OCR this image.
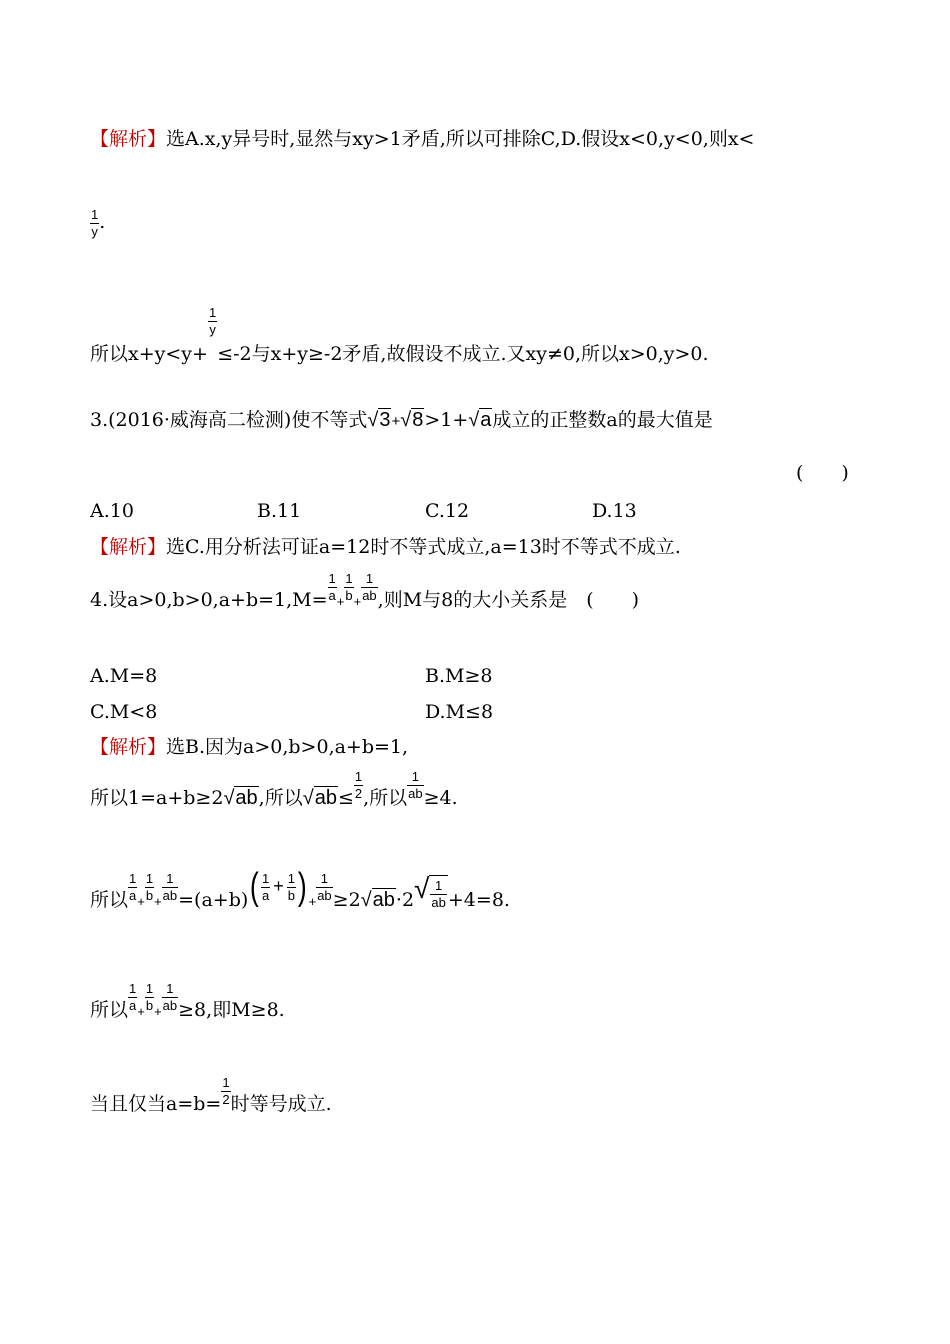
【解析】选A.x,y异号时,显然与xy>1矛盾,所以可排除C,D.假设x<0,y<0,则x<
$\frac{1}{y}$ .
所以x+y<y+
$\frac{1}{y}$
≤-2与x+y≥-2矛盾,故假设不成立.又xy≠0,所以x>0,y>0.
3.(2016·威海高二检测)使不等式√3+√8>1+√a成立的正整数a的最大值是
(　　)
A.10	B.11	C.12	D.13
【解析】选C.用分析法可证a=12时不等式成立,a=13时不等式不成立.
4.设$a>0,b>0,a+b=1,M= \frac{1}{a} _+ \frac{1}{b} _+ \frac{1}{ab}$ ,则M与8的大小关系是　(　　)
A.M=8	B.M≥8
C.M<8	D.M≤8
【解析】选B.因为a>0,b>0,a+b=1,
所以1=a+b≥2√ab,所以$√ab\le \frac{1}{2}$ ,所以 $\frac{1}{ab} \ge 4$.
所以 $\frac{1}{a} _+ \frac{1}{b} _+ \frac{1}{ab} =(a+b)( \frac{1}{a} + \frac{1}{b}$ ) $_+ \frac{1}{ab} \ge 2√ab\cdot 2√ \frac{1}{ab} +4=8$.
所以 $\frac{1}{a} _+ \frac{1}{b} _+ \frac{1}{ab} \ge 8$,即M≥8.
当且仅当$a=b= \frac{1}{2}$ 时等号成立.
